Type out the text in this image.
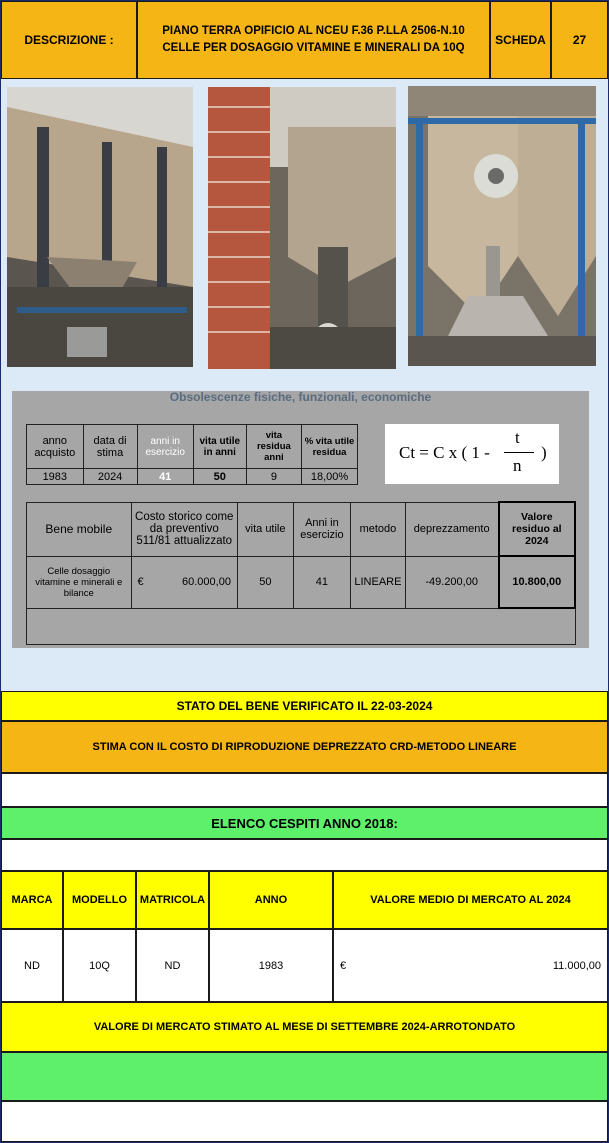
DESCRIZIONE :
PIANO TERRA OPIFICIO AL NCEU F.36 P.LLA 2506-N.10
CELLE PER DOSAGGIO VITAMINE E MINERALI DA 10Q
SCHEDA	27
Obsolescenze fisiche, funzionali, economiche
anno acquisto	data di stima	anni in esercizio	vita utile in anni	vita residua anni	% vita utile residua
1983	2024	41	50	9	18,00%
Ct = C x ( 1 -
t
n
)
Bene mobile	Costo storico come da preventivo 511/81 attualizzato	vita utile	Anni in esercizio	metodo	deprezzamento	Valore residuo al 2024
Celle dosaggio vitamine e minerali e bilance	€ 60.000,00	50	41	LINEARE	-49.200,00	10.800,00

STATO DEL BENE VERIFICATO IL 22-03-2024
STIMA CON IL COSTO DI RIPRODUZIONE DEPREZZATO CRD-METODO LINEARE
ELENCO CESPITI ANNO 2018:
MARCA	MODELLO	MATRICOLA	ANNO	VALORE MEDIO DI MERCATO AL 2024
ND	10Q	ND	1983	€	11.000,00
VALORE DI MERCATO STIMATO AL MESE DI SETTEMBRE 2024-ARROTONDATO
